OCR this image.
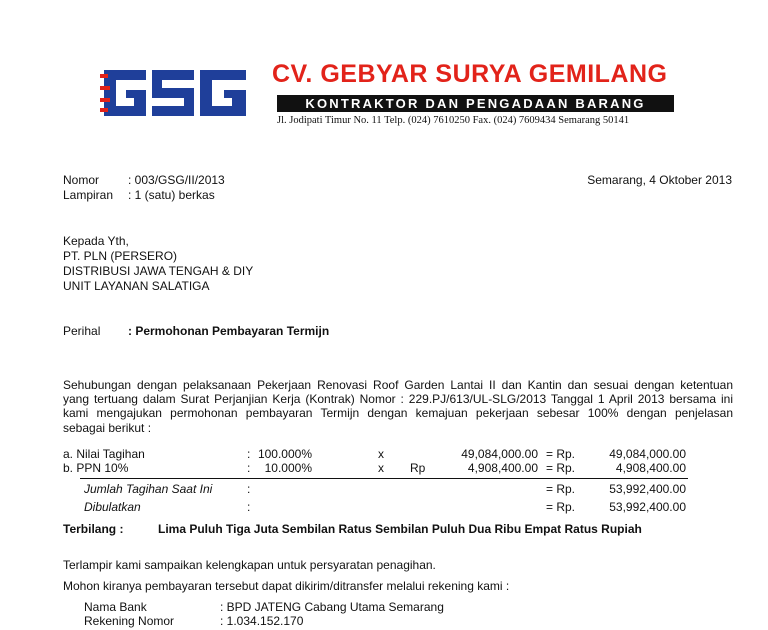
CV. GEBYAR SURYA GEMILANG
KONTRAKTOR DAN PENGADAAN BARANG
Jl. Jodipati Timur No. 11 Telp. (024) 7610250 Fax. (024) 7609434 Semarang 50141
Nomor : 003/GSG/II/2013
Lampiran : 1 (satu) berkas
Semarang, 4 Oktober 2013
Kepada Yth,
PT. PLN (PERSERO)
DISTRIBUSI JAWA TENGAH & DIY
UNIT LAYANAN SALATIGA
Perihal : Permohonan Pembayaran Termijn
Sehubungan dengan pelaksanaan Pekerjaan Renovasi Roof Garden Lantai II dan Kantin dan sesuai dengan ketentuan
yang tertuang dalam Surat Perjanjian Kerja (Kontrak) Nomor : 229.PJ/613/UL-SLG/2013 Tanggal 1 April 2013 bersama ini
kami mengajukan permohonan pembayaran Termijn dengan kemajuan pekerjaan sebesar 100% dengan penjelasan
sebagai berikut :
a. Nilai Tagihan	: 100.000%	x	49,084,000.00 = Rp.	49,084,000.00
b. PPN 10%	:	10.000%	x Rp	4,908,400.00 = Rp.	4,908,400.00
Jumlah Tagihan Saat Ini	:	= Rp.	53,992,400.00
Dibulatkan	:	= Rp.	53,992,400.00
Terbilang :	Lima Puluh Tiga Juta Sembilan Ratus Sembilan Puluh Dua Ribu Empat Ratus Rupiah
Terlampir kami sampaikan kelengkapan untuk persyaratan penagihan.
Mohon kiranya pembayaran tersebut dapat dikirim/ditransfer melalui rekening kami :
Nama Bank	: BPD JATENG Cabang Utama Semarang
Rekening Nomor	: 1.034.152.170
